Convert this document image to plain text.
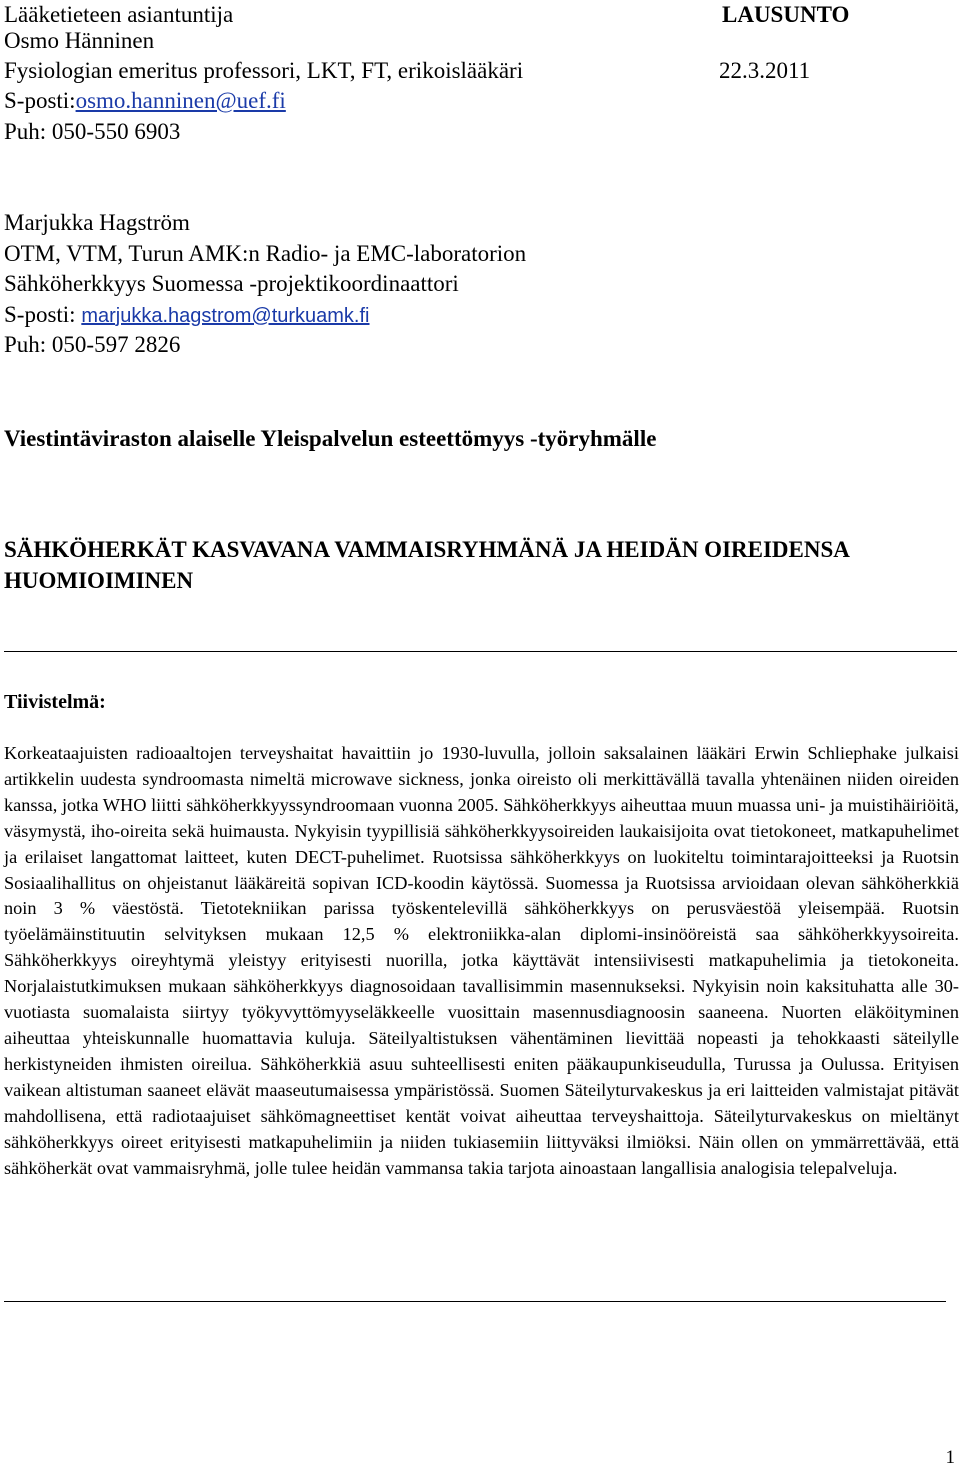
Lääketieteen asiantuntija	LAUSUNTO
Osmo Hänninen
Fysiologian emeritus professori, LKT, FT, erikoislääkäri	22.3.2011
S-posti:osmo.hanninen@uef.fi
Puh: 050-550 6903
Marjukka Hagström
OTM, VTM, Turun AMK:n Radio- ja EMC-laboratorion
Sähköherkkyys Suomessa -projektikoordinaattori
S-posti: marjukka.hagstrom@turkuamk.fi
Puh: 050-597 2826
Viestintäviraston alaiselle Yleispalvelun esteettömyys -työryhmälle
SÄHKÖHERKÄT KASVAVANA VAMMAISRYHMÄNÄ JA HEIDÄN OIREIDENSA HUOMIOIMINEN
Tiivistelmä:
Korkeataajuisten radioaaltojen terveyshaitat havaittiin jo 1930-luvulla, jolloin saksalainen lääkäri Erwin Schliephake julkaisi artikkelin uudesta syndroomasta nimeltä microwave sickness, jonka oireisto oli merkittävällä tavalla yhtenäinen niiden oireiden kanssa, jotka WHO liitti sähköherkkyyssyndroomaan vuonna 2005. Sähköherkkyys aiheuttaa muun muassa uni- ja muistihäiriöitä, väsymystä, iho-oireita sekä huimausta. Nykyisin tyypillisiä sähköherkkyysoireiden laukaisijoita ovat tietokoneet, matkapuhelimet ja erilaiset langattomat laitteet, kuten DECT-puhelimet. Ruotsissa sähköherkkyys on luokiteltu toimintarajoitteeksi ja Ruotsin Sosiaalihallitus on ohjeistanut lääkäreitä sopivan ICD-koodin käytössä. Suomessa ja Ruotsissa arvioidaan olevan sähköherkkiä noin 3 % väestöstä. Tietotekniikan parissa työskentelevillä sähköherkkyys on perusväestöä yleisempää. Ruotsin työelämäinstituutin selvityksen mukaan 12,5 % elektroniikka-alan diplomi-insinööreistä saa sähköherkkyysoireita. Sähköherkkyys oireyhtymä yleistyy erityisesti nuorilla, jotka käyttävät intensiivisesti matkapuhelimia ja tietokoneita. Norjalaistutkimuksen mukaan sähköherkkyys diagnosoidaan tavallisimmin masennukseksi. Nykyisin noin kaksituhatta alle 30-vuotiasta suomalaista siirtyy työkyvyttömyyseläkkeelle vuosittain masennusdiagnoosin saaneena. Nuorten eläköityminen aiheuttaa yhteiskunnalle huomattavia kuluja. Säteilyaltistuksen vähentäminen lievittää nopeasti ja tehokkaasti säteilylle herkistyneiden ihmisten oireilua. Sähköherkkiä asuu suhteellisesti eniten pääkaupunkiseudulla, Turussa ja Oulussa. Erityisen vaikean altistuman saaneet elävät maaseutumaisessa ympäristössä. Suomen Säteilyturvakeskus ja eri laitteiden valmistajat pitävät mahdollisena, että radiotaajuiset sähkömagneettiset kentät voivat aiheuttaa terveyshaittoja. Säteilyturvakeskus on mieltänyt sähköherkkyys oireet erityisesti matkapuhelimiin ja niiden tukiasemiin liittyväksi ilmiöksi. Näin ollen on ymmärrettävää, että sähköherkät ovat vammaisryhmä, jolle tulee heidän vammansa takia tarjota ainoastaan langallisia analogisia telepalveluja.
1
